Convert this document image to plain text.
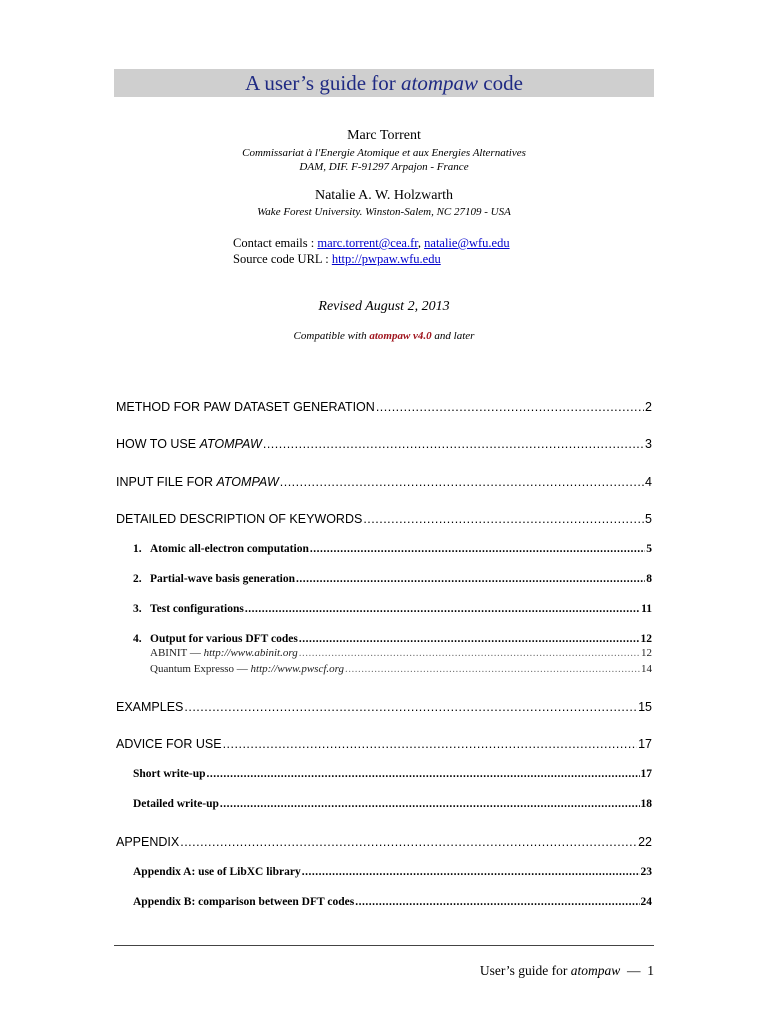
A user’s guide for atompaw code
Marc Torrent
Commissariat à l'Energie Atomique et aux Energies Alternatives
DAM, DIF. F-91297 Arpajon - France
Natalie A. W. Holzwarth
Wake Forest University. Winston-Salem, NC 27109 - USA
Contact emails : marc.torrent@cea.fr, natalie@wfu.edu
Source code URL : http://pwpaw.wfu.edu
Revised August 2, 2013
Compatible with atompaw v4.0 and later
METHOD FOR PAW DATASET GENERATION .....	2
HOW TO USE ATOMPAW .....	3
INPUT FILE FOR ATOMPAW .....	4
DETAILED DESCRIPTION OF KEYWORDS .....	5
1. Atomic all-electron computation .....	5
2. Partial-wave basis generation .....	8
3. Test configurations .....	11
4. Output for various DFT codes .....	12
ABINIT — http://www.abinit.org .....	12
Quantum Expresso — http://www.pwscf.org .....	14
EXAMPLES .....	15
ADVICE FOR USE .....	17
Short write-up .....	17
Detailed write-up .....	18
APPENDIX .....	22
Appendix A: use of LibXC library .....	23
Appendix B: comparison between DFT codes .....	24
User’s guide for atompaw  —  1
